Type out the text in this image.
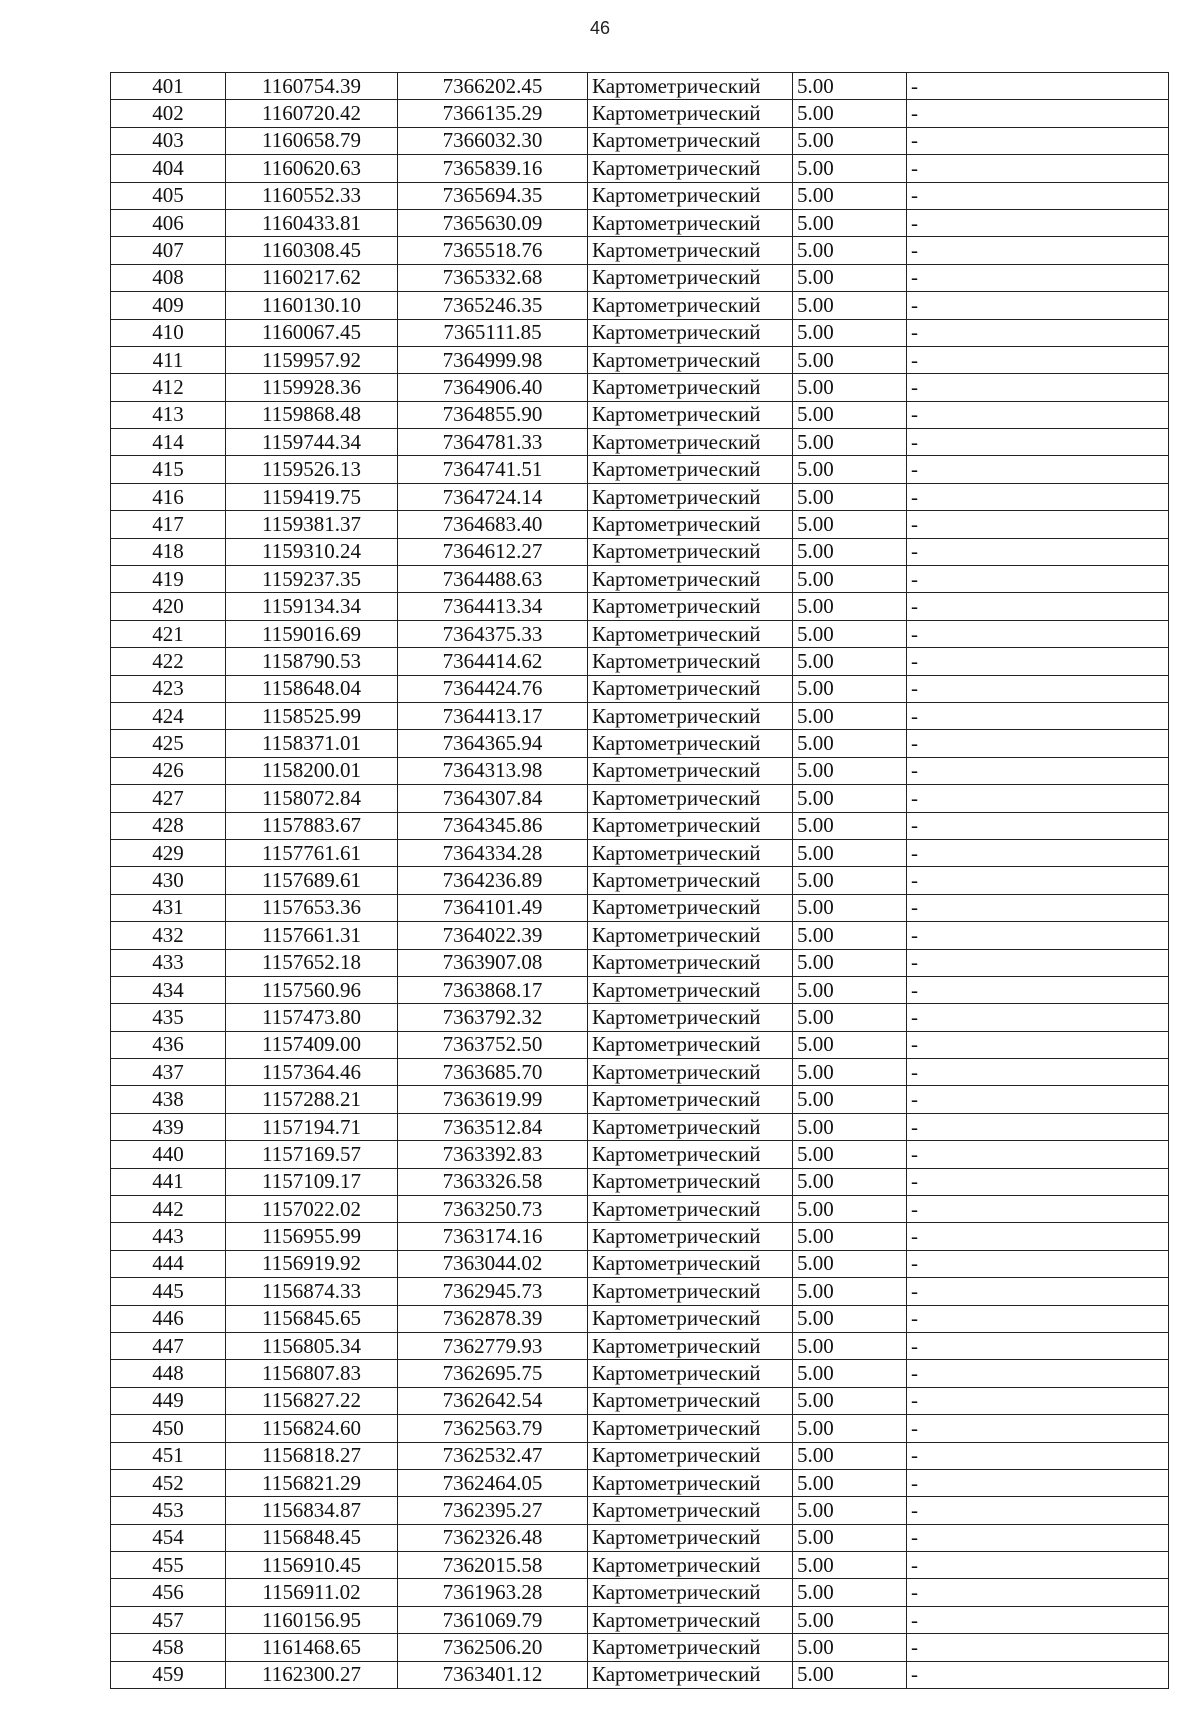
46
401	1160754.39	7366202.45	Картометрический	5.00	-
402	1160720.42	7366135.29	Картометрический	5.00	-
403	1160658.79	7366032.30	Картометрический	5.00	-
404	1160620.63	7365839.16	Картометрический	5.00	-
405	1160552.33	7365694.35	Картометрический	5.00	-
406	1160433.81	7365630.09	Картометрический	5.00	-
407	1160308.45	7365518.76	Картометрический	5.00	-
408	1160217.62	7365332.68	Картометрический	5.00	-
409	1160130.10	7365246.35	Картометрический	5.00	-
410	1160067.45	7365111.85	Картометрический	5.00	-
411	1159957.92	7364999.98	Картометрический	5.00	-
412	1159928.36	7364906.40	Картометрический	5.00	-
413	1159868.48	7364855.90	Картометрический	5.00	-
414	1159744.34	7364781.33	Картометрический	5.00	-
415	1159526.13	7364741.51	Картометрический	5.00	-
416	1159419.75	7364724.14	Картометрический	5.00	-
417	1159381.37	7364683.40	Картометрический	5.00	-
418	1159310.24	7364612.27	Картометрический	5.00	-
419	1159237.35	7364488.63	Картометрический	5.00	-
420	1159134.34	7364413.34	Картометрический	5.00	-
421	1159016.69	7364375.33	Картометрический	5.00	-
422	1158790.53	7364414.62	Картометрический	5.00	-
423	1158648.04	7364424.76	Картометрический	5.00	-
424	1158525.99	7364413.17	Картометрический	5.00	-
425	1158371.01	7364365.94	Картометрический	5.00	-
426	1158200.01	7364313.98	Картометрический	5.00	-
427	1158072.84	7364307.84	Картометрический	5.00	-
428	1157883.67	7364345.86	Картометрический	5.00	-
429	1157761.61	7364334.28	Картометрический	5.00	-
430	1157689.61	7364236.89	Картометрический	5.00	-
431	1157653.36	7364101.49	Картометрический	5.00	-
432	1157661.31	7364022.39	Картометрический	5.00	-
433	1157652.18	7363907.08	Картометрический	5.00	-
434	1157560.96	7363868.17	Картометрический	5.00	-
435	1157473.80	7363792.32	Картометрический	5.00	-
436	1157409.00	7363752.50	Картометрический	5.00	-
437	1157364.46	7363685.70	Картометрический	5.00	-
438	1157288.21	7363619.99	Картометрический	5.00	-
439	1157194.71	7363512.84	Картометрический	5.00	-
440	1157169.57	7363392.83	Картометрический	5.00	-
441	1157109.17	7363326.58	Картометрический	5.00	-
442	1157022.02	7363250.73	Картометрический	5.00	-
443	1156955.99	7363174.16	Картометрический	5.00	-
444	1156919.92	7363044.02	Картометрический	5.00	-
445	1156874.33	7362945.73	Картометрический	5.00	-
446	1156845.65	7362878.39	Картометрический	5.00	-
447	1156805.34	7362779.93	Картометрический	5.00	-
448	1156807.83	7362695.75	Картометрический	5.00	-
449	1156827.22	7362642.54	Картометрический	5.00	-
450	1156824.60	7362563.79	Картометрический	5.00	-
451	1156818.27	7362532.47	Картометрический	5.00	-
452	1156821.29	7362464.05	Картометрический	5.00	-
453	1156834.87	7362395.27	Картометрический	5.00	-
454	1156848.45	7362326.48	Картометрический	5.00	-
455	1156910.45	7362015.58	Картометрический	5.00	-
456	1156911.02	7361963.28	Картометрический	5.00	-
457	1160156.95	7361069.79	Картометрический	5.00	-
458	1161468.65	7362506.20	Картометрический	5.00	-
459	1162300.27	7363401.12	Картометрический	5.00	-
